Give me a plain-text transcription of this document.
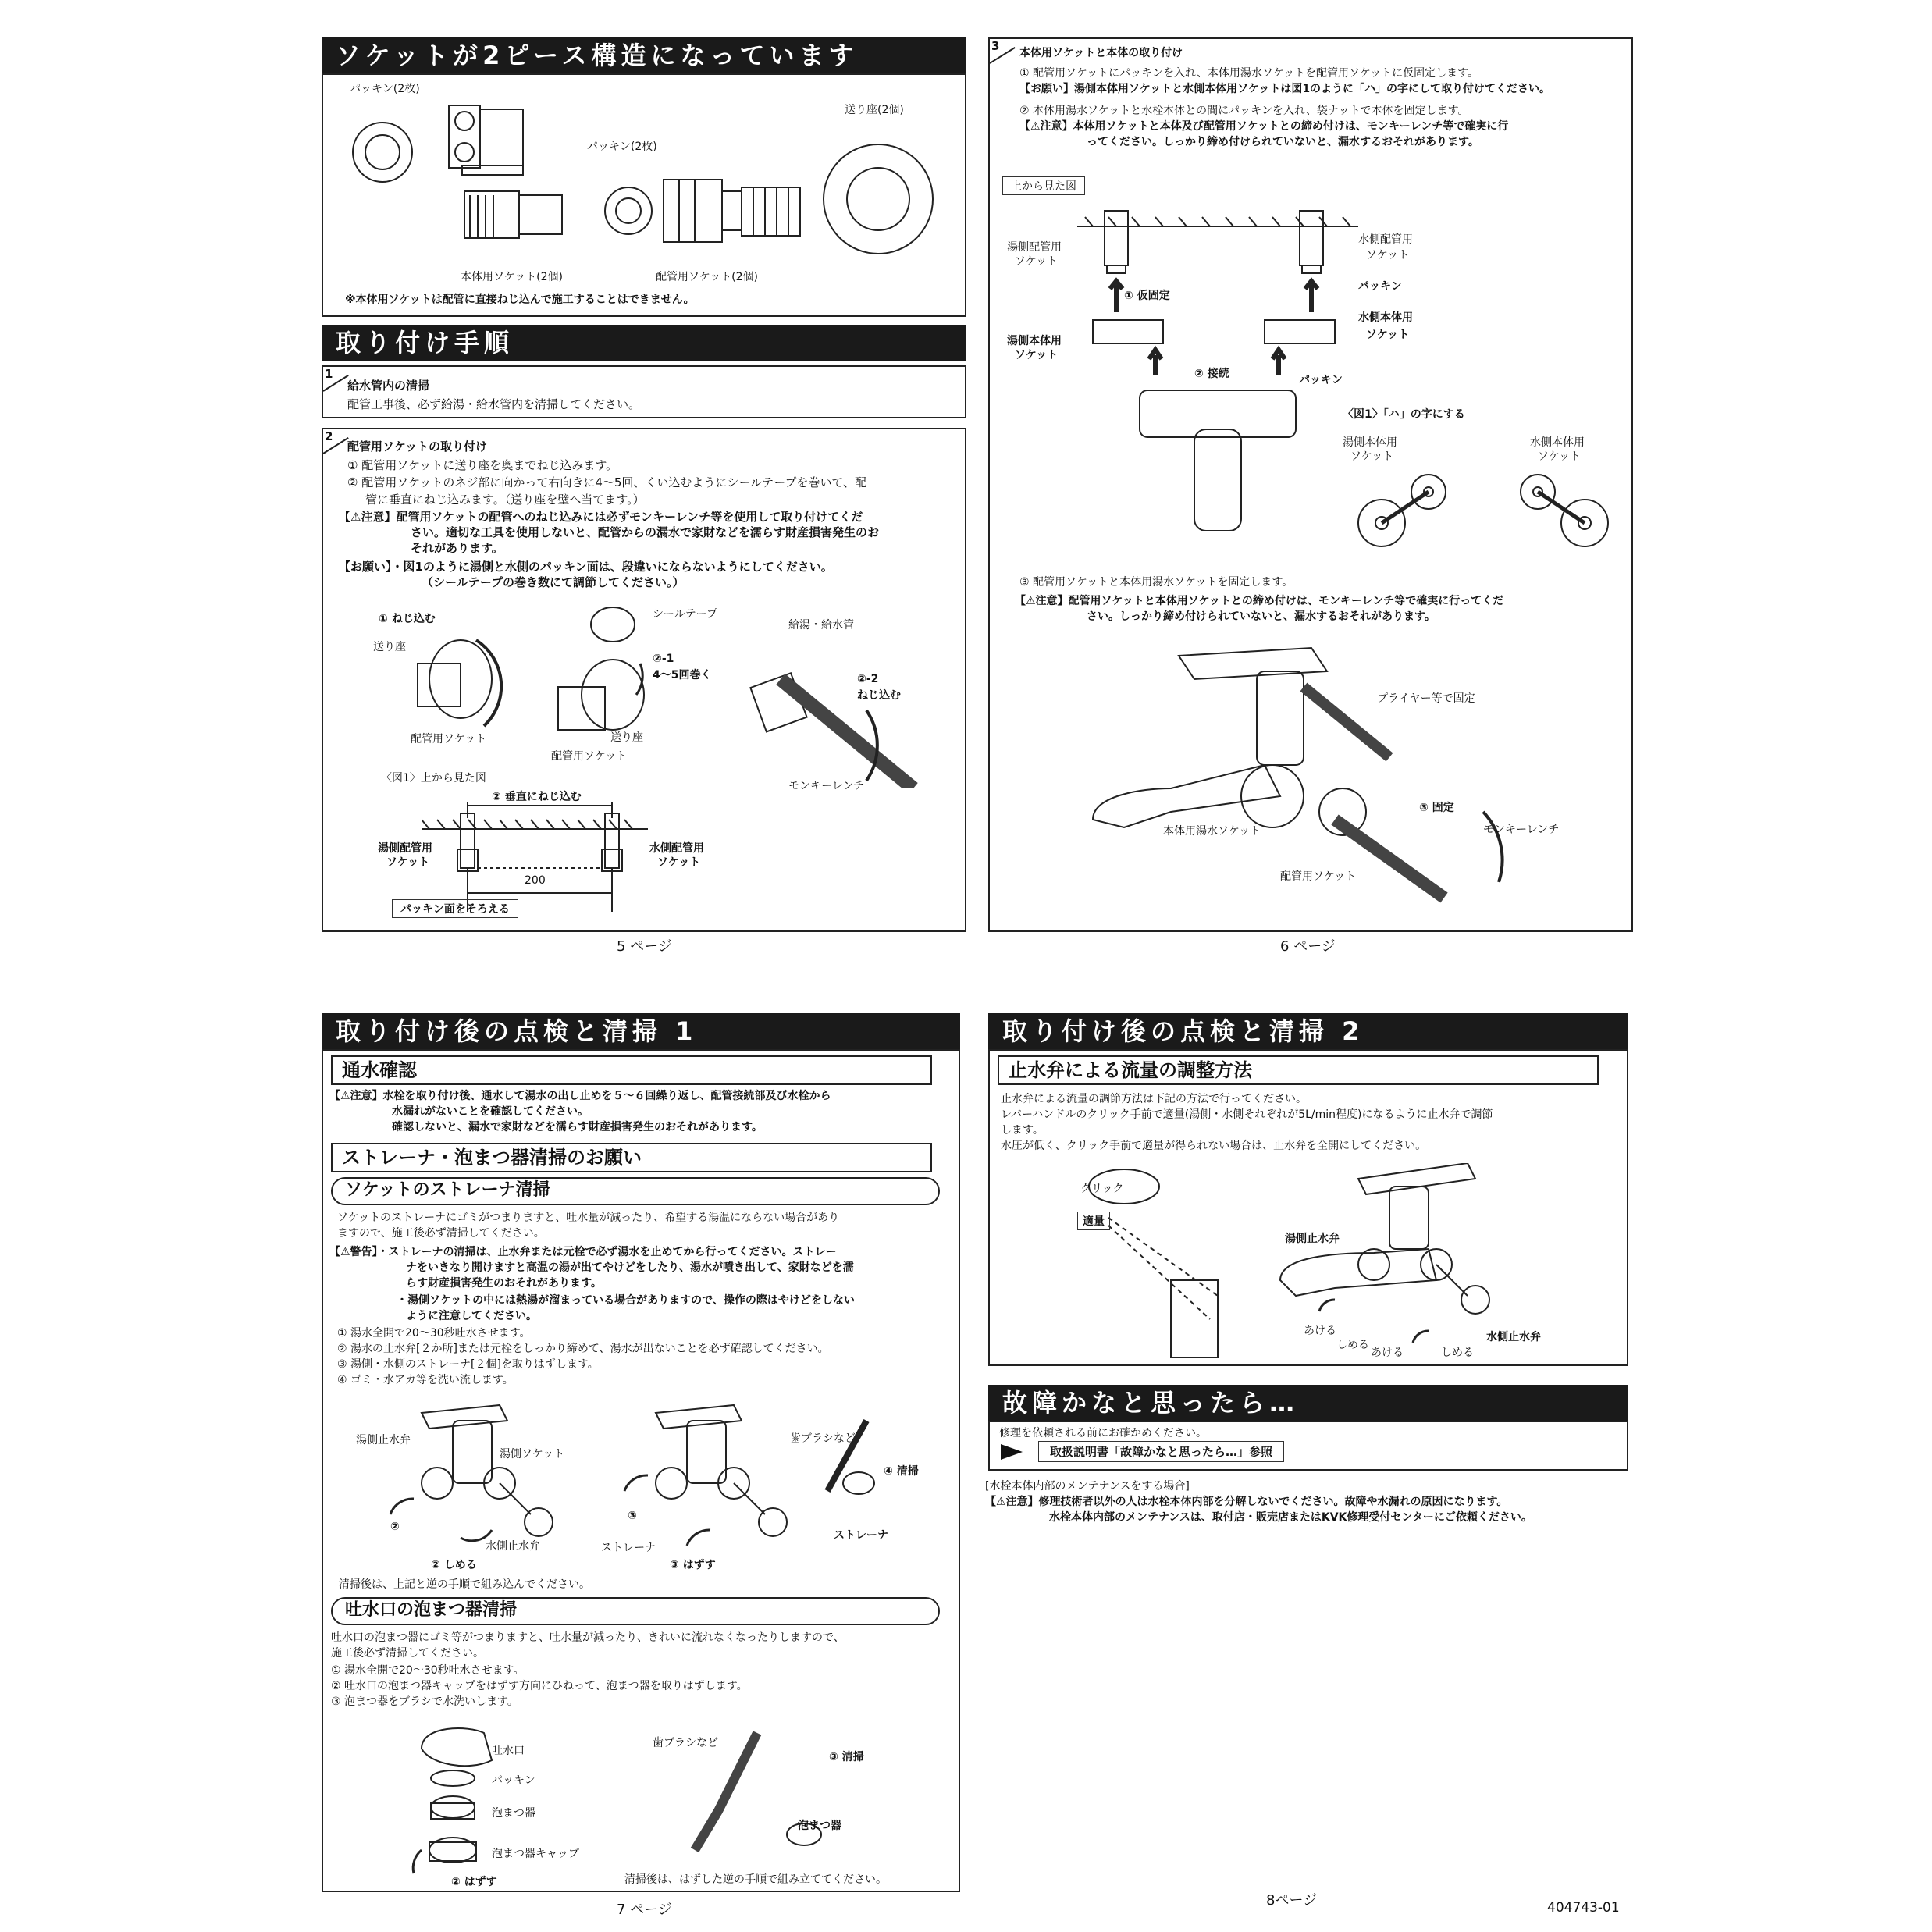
ソケットが2ピース構造になっています
パッキン(2枚)
パッキン(2枚)
送り座(2個)
本体用ソケット(2個)	配管用ソケット(2個)
※本体用ソケットは配管に直接ねじ込んで施工することはできません。
取り付け手順
1
給水管内の清掃
配管工事後、必ず給湯・給水管内を清掃してください。
2
配管用ソケットの取り付け
① 配管用ソケットに送り座を奥までねじ込みます。
② 配管用ソケットのネジ部に向かって右向きに4〜5回、くい込むようにシールテープを巻いて、配
管に垂直にねじ込みます。（送り座を壁へ当てます。）
【⚠注意】配管用ソケットの配管へのねじ込みには必ずモンキーレンチ等を使用して取り付けてくだ
さい。適切な工具を使用しないと、配管からの漏水で家財などを濡らす財産損害発生のお
それがあります。
【お願い】・図1のように湯側と水側のパッキン面は、段違いにならないようにしてください。
（シールテープの巻き数にて調節してください。）
① ねじ込む
送り座
配管用ソケット
シールテープ
②-1
4〜5回巻く
送り座
配管用ソケット
給湯・給水管
②-2
ねじ込む
モンキーレンチ
〈図1〉上から見た図
② 垂直にねじ込む
湯側配管用
ソケット
水側配管用
ソケット
200
パッキン面をそろえる
5 ページ
3 本体用ソケットと本体の取り付け
① 配管用ソケットにパッキンを入れ、本体用湯水ソケットを配管用ソケットに仮固定します。
【お願い】湯側本体用ソケットと水側本体用ソケットは図1のように「ハ」の字にして取り付けてください。
② 本体用湯水ソケットと水栓本体との間にパッキンを入れ、袋ナットで本体を固定します。
【⚠注意】本体用ソケットと本体及び配管用ソケットとの締め付けは、モンキーレンチ等で確実に行
ってください。しっかり締め付けられていないと、漏水するおそれがあります。
上から見た図
湯側配管用
ソケット
水側配管用
ソケット
① 仮固定
パッキン
湯側本体用
ソケット
水側本体用
ソケット
② 接続	パッキン
〈図1〉「ハ」の字にする
湯側本体用
ソケット
水側本体用
ソケット
③ 配管用ソケットと本体用湯水ソケットを固定します。
【⚠注意】配管用ソケットと本体用ソケットとの締め付けは、モンキーレンチ等で確実に行ってくだ
さい。しっかり締め付けられていないと、漏水するおそれがあります。
プライヤー等で固定
③ 固定
本体用湯水ソケット	モンキーレンチ
配管用ソケット
6 ページ
取り付け後の点検と清掃 1
通水確認
【⚠注意】水栓を取り付け後、通水して湯水の出し止めを５〜６回繰り返し、配管接続部及び水栓から
水漏れがないことを確認してください。
確認しないと、漏水で家財などを濡らす財産損害発生のおそれがあります。
ストレーナ・泡まつ器清掃のお願い
ソケットのストレーナ清掃
ソケットのストレーナにゴミがつまりますと、吐水量が減ったり、希望する湯温にならない場合があり
ますので、施工後必ず清掃してください。
【⚠警告】・ストレーナの清掃は、止水弁または元栓で必ず湯水を止めてから行ってください。ストレー
ナをいきなり開けますと高温の湯が出てやけどをしたり、湯水が噴き出して、家財などを濡
らす財産損害発生のおそれがあります。
・湯側ソケットの中には熱湯が溜まっている場合がありますので、操作の際はやけどをしない
ように注意してください。
① 湯水全開で20〜30秒吐水させます。
② 湯水の止水弁[２か所]または元栓をしっかり締めて、湯水が出ないことを必ず確認してください。
③ 湯側・水側のストレーナ[２個]を取りはずします。
④ ゴミ・水アカ等を洗い流します。
湯側止水弁
湯側ソケット
②
② しめる
水側止水弁
③
ストレーナ
③ はずす
歯ブラシなど
④ 清掃
ストレーナ
清掃後は、上記と逆の手順で組み込んでください。
吐水口の泡まつ器清掃
吐水口の泡まつ器にゴミ等がつまりますと、吐水量が減ったり、きれいに流れなくなったりしますので、
施工後必ず清掃してください。
① 湯水全開で20〜30秒吐水させます。
② 吐水口の泡まつ器キャップをはずす方向にひねって、泡まつ器を取りはずします。
③ 泡まつ器をブラシで水洗いします。
吐水口
パッキン
泡まつ器
泡まつ器キャップ
② はずす
歯ブラシなど
③ 清掃
泡まつ器
清掃後は、はずした逆の手順で組み立ててください。
7 ページ
取り付け後の点検と清掃 2
止水弁による流量の調整方法
止水弁による流量の調節方法は下記の方法で行ってください。
レバーハンドルのクリック手前で適量(湯側・水側それぞれが5L/min程度)になるように止水弁で調節
します。
水圧が低く、クリック手前で適量が得られない場合は、止水弁を全開にしてください。
クリック
適量
湯側止水弁
あける
しめる
あける	しめる
水側止水弁
故障かなと思ったら…
修理を依頼される前にお確かめください。
取扱説明書「故障かなと思ったら…」参照
[水栓本体内部のメンテナンスをする場合]
【⚠注意】修理技術者以外の人は水栓本体内部を分解しないでください。故障や水漏れの原因になります。
水栓本体内部のメンテナンスは、取付店・販売店またはKVK修理受付センターにご依頼ください。
8ページ	404743-01
